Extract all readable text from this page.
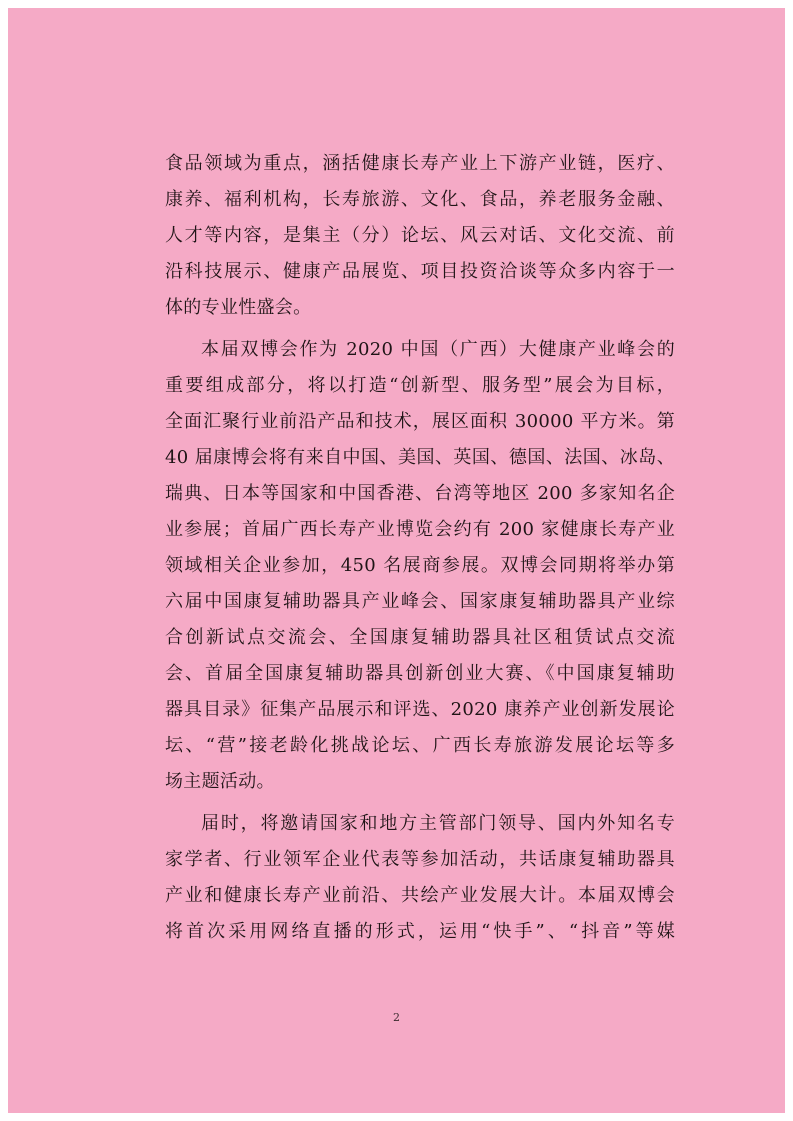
食品领域为重点，涵括健康长寿产业上下游产业链，医疗、
康养、福利机构，长寿旅游、文化、食品，养老服务金融、
人才等内容，是集主（分）论坛、风云对话、文化交流、前
沿科技展示、健康产品展览、项目投资洽谈等众多内容于一
体的专业性盛会。
本届双博会作为 2020 中国（广西）大健康产业峰会的
重要组成部分，将以打造“创新型、服务型”展会为目标，
全面汇聚行业前沿产品和技术，展区面积 30000 平方米。第
40 届康博会将有来自中国、美国、英国、德国、法国、冰岛、
瑞典、日本等国家和中国香港、台湾等地区 200 多家知名企
业参展；首届广西长寿产业博览会约有 200 家健康长寿产业
领域相关企业参加，450 名展商参展。双博会同期将举办第
六届中国康复辅助器具产业峰会、国家康复辅助器具产业综
合创新试点交流会、全国康复辅助器具社区租赁试点交流
会、首届全国康复辅助器具创新创业大赛、《中国康复辅助
器具目录》征集产品展示和评选、2020 康养产业创新发展论
坛、“营”接老龄化挑战论坛、广西长寿旅游发展论坛等多
场主题活动。
届时，将邀请国家和地方主管部门领导、国内外知名专
家学者、行业领军企业代表等参加活动，共话康复辅助器具
产业和健康长寿产业前沿、共绘产业发展大计。本届双博会
将首次采用网络直播的形式，运用“快手”、“抖音”等媒
2
